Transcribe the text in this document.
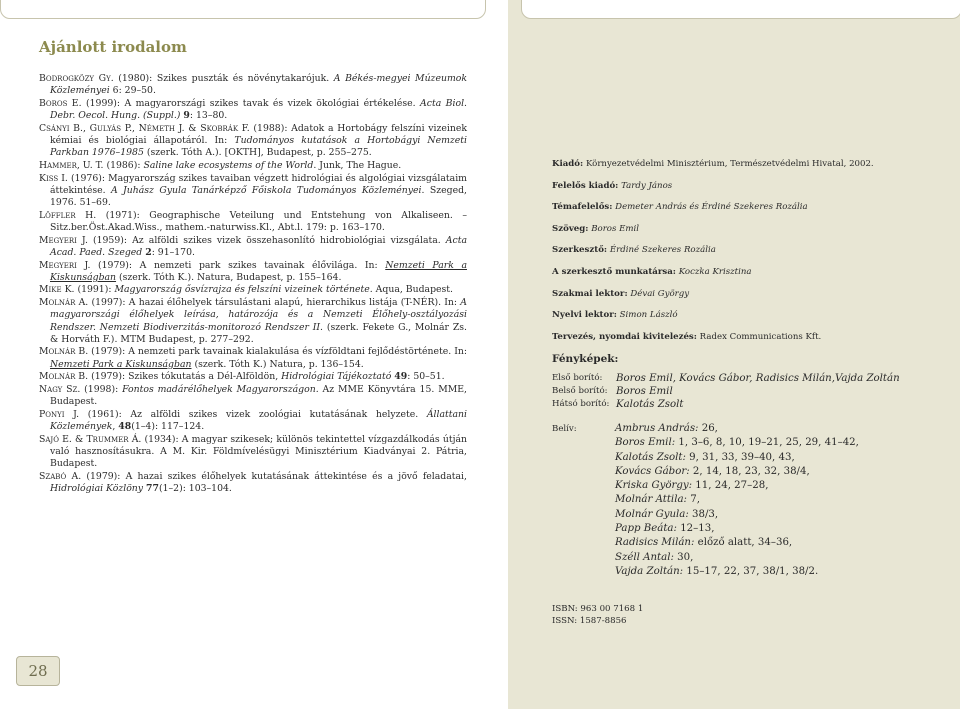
Ajánlott irodalom

Bodrogközy Gy. (1980): Szikes puszták és növénytakarójuk. A Békés-megyei Múzeumok Közleményei 6: 29–50.

Boros E. (1999): A magyarországi szikes tavak és vizek ökológiai értékelése. Acta Biol. Debr. Oecol. Hung. (Suppl.) 9: 13–80.

Csányi B., Gulyás P., Németh J. & Skobrák F. (1988): Adatok a Hortobágy felszíni vizeinek kémiai és biológiai állapotáról. In: Tudományos kutatások a Hortobágyi Nemzeti Parkban 1976–1985 (szerk. Tóth A.). [OKTH], Budapest, p. 255–275.

Hammer, U. T. (1986): Saline lake ecosystems of the World. Junk, The Hague.

Kiss I. (1976): Magyarország szikes tavaiban végzett hidrológiai és algológiai vizsgálataim áttekintése. A Juhász Gyula Tanárképző Főiskola Tudományos Közleményei. Szeged, 1976. 51–69.

Löffler H. (1971): Geographische Veteilung und Entstehung von Alkaliseen. – Sitz.ber.Öst.Akad.Wiss., mathem.-naturwiss.Kl., Abt.l. 179: p. 163–170.

Megyeri J. (1959): Az alföldi szikes vizek összehasonlító hidrobiológiai vizsgálata. Acta Acad. Paed. Szeged 2: 91–170.

Megyeri J. (1979): A nemzeti park szikes tavainak élővilága. In: Nemzeti Park a Kiskunságban (szerk. Tóth K.). Natura, Budapest, p. 155–164.

Mike K. (1991): Magyarország ősvízrajza és felszíni vizeinek története. Aqua, Budapest.

Molnár A. (1997): A hazai élőhelyek társulástani alapú, hierarchikus listája (T-NÉR). In: A magyarországi élőhelyek leírása, határozója és a Nemzeti Élőhely-osztályozási Rendszer. Nemzeti Biodiverzitás-monitorozó Rendszer II. (szerk. Fekete G., Molnár Zs. & Horváth F.). MTM Budapest, p. 277–292.

Molnár B. (1979): A nemzeti park tavainak kialakulása és vízföldtani fejlődéstörténete. In: Nemzeti Park a Kiskunságban (szerk. Tóth K.) Natura, p. 136–154.

Molnár B. (1979): Szikes tókutatás a Dél-Alföldön, Hidrológiai Tájékoztató 49: 50–51.

Nagy Sz. (1998): Fontos madárélőhelyek Magyarországon. Az MME Könyvtára 15. MME, Budapest.

Ponyi J. (1961): Az alföldi szikes vizek zoológiai kutatásának helyzete. Állattani Közlemények, 48(1–4): 117–124.

Sajó E. & Trummer Á. (1934): A magyar szikesek; különös tekintettel vízgazdálkodás útján való hasznosításukra. A M. Kir. Földmívelésügyi Minisztérium Kiadványai 2. Pátria, Budapest.

Szabó A. (1979): A hazai szikes élőhelyek kutatásának áttekintése és a jövő feladatai, Hidrológiai Közlöny 77(1–2): 103–104.

28

Kiadó: Környezetvédelmi Minisztérium, Természetvédelmi Hivatal, 2002.

Felelős kiadó: Tardy János

Témafelelős: Demeter András és Érdiné Szekeres Rozália

Szöveg: Boros Emil

Szerkesztő: Érdiné Szekeres Rozália

A szerkesztő munkatársa: Koczka Krisztina

Szakmai lektor: Dévai György

Nyelvi lektor: Simon László

Tervezés, nyomdai kivitelezés: Radex Communications Kft.

Fényképek:
Első borító:	Boros Emil, Kovács Gábor, Radisics Milán,Vajda Zoltán
Belső borító: Boros Emil
Hátsó borító: Kalotás Zsolt
Belív:	Ambrus András: 26,
Boros Emil: 1, 3–6, 8, 10, 19–21, 25, 29, 41–42,
Kalotás Zsolt: 9, 31, 33, 39–40, 43,
Kovács Gábor: 2, 14, 18, 23, 32, 38/4,
Kriska György: 11, 24, 27–28,
Molnár Attila: 7,
Molnár Gyula: 38/3,
Papp Beáta: 12–13,
Radisics Milán: előző alatt, 34–36,
Széll Antal: 30,
Vajda Zoltán: 15–17, 22, 37, 38/1, 38/2.
ISBN: 963 00 7168 1
ISSN: 1587-8856
